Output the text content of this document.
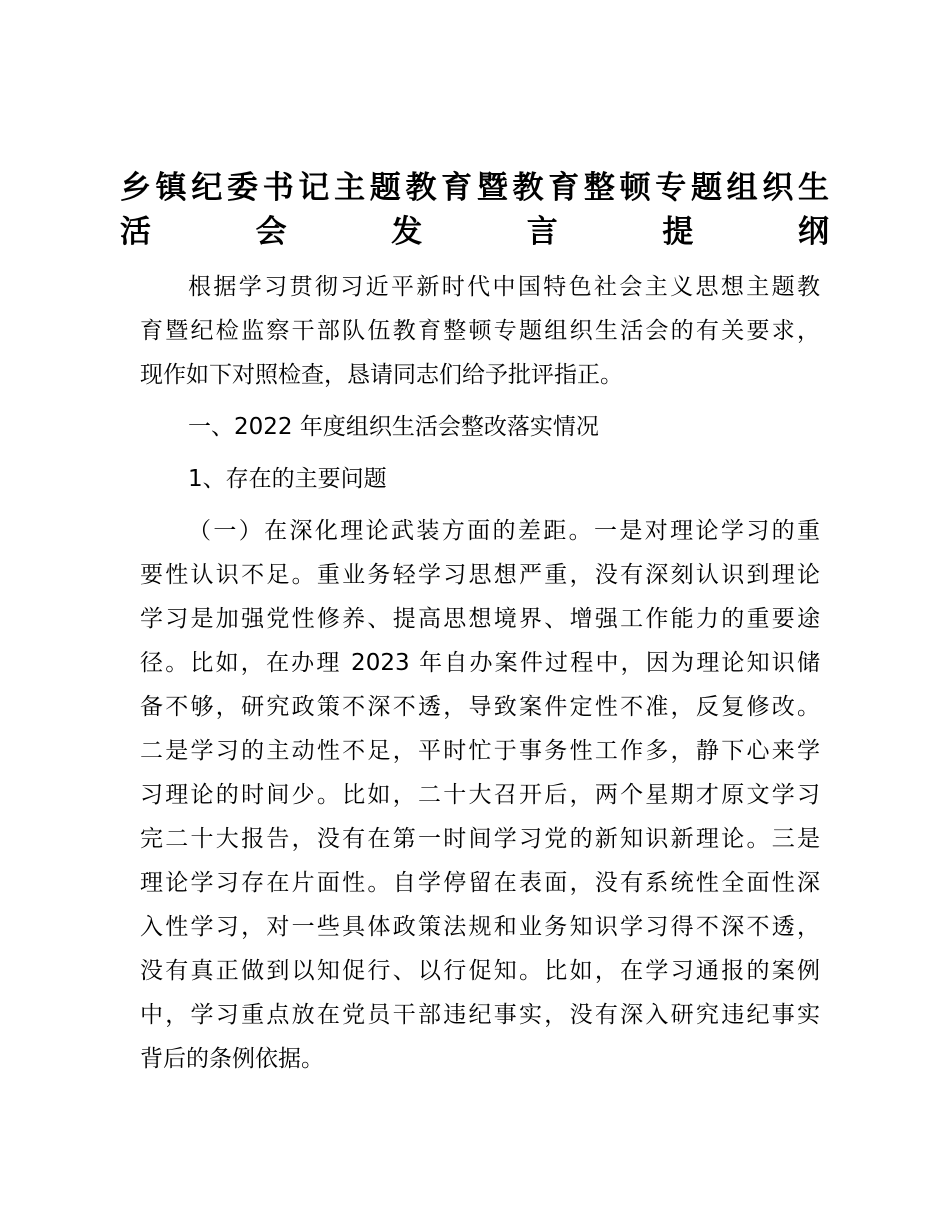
乡镇纪委书记主题教育暨教育整顿专题组织生
活会发言提纲
根据学习贯彻习近平新时代中国特色社会主义思想主题教
育暨纪检监察干部队伍教育整顿专题组织生活会的有关要求，
现作如下对照检查，恳请同志们给予批评指正。
一、2022 年度组织生活会整改落实情况
1、存在的主要问题
（一）在深化理论武装方面的差距。一是对理论学习的重
要性认识不足。重业务轻学习思想严重，没有深刻认识到理论
学习是加强党性修养、提高思想境界、增强工作能力的重要途
径。比如，在办理 2023 年自办案件过程中，因为理论知识储
备不够，研究政策不深不透，导致案件定性不准，反复修改。
二是学习的主动性不足，平时忙于事务性工作多，静下心来学
习理论的时间少。比如，二十大召开后，两个星期才原文学习
完二十大报告，没有在第一时间学习党的新知识新理论。三是
理论学习存在片面性。自学停留在表面，没有系统性全面性深
入性学习，对一些具体政策法规和业务知识学习得不深不透，
没有真正做到以知促行、以行促知。比如，在学习通报的案例
中，学习重点放在党员干部违纪事实，没有深入研究违纪事实
背后的条例依据。
